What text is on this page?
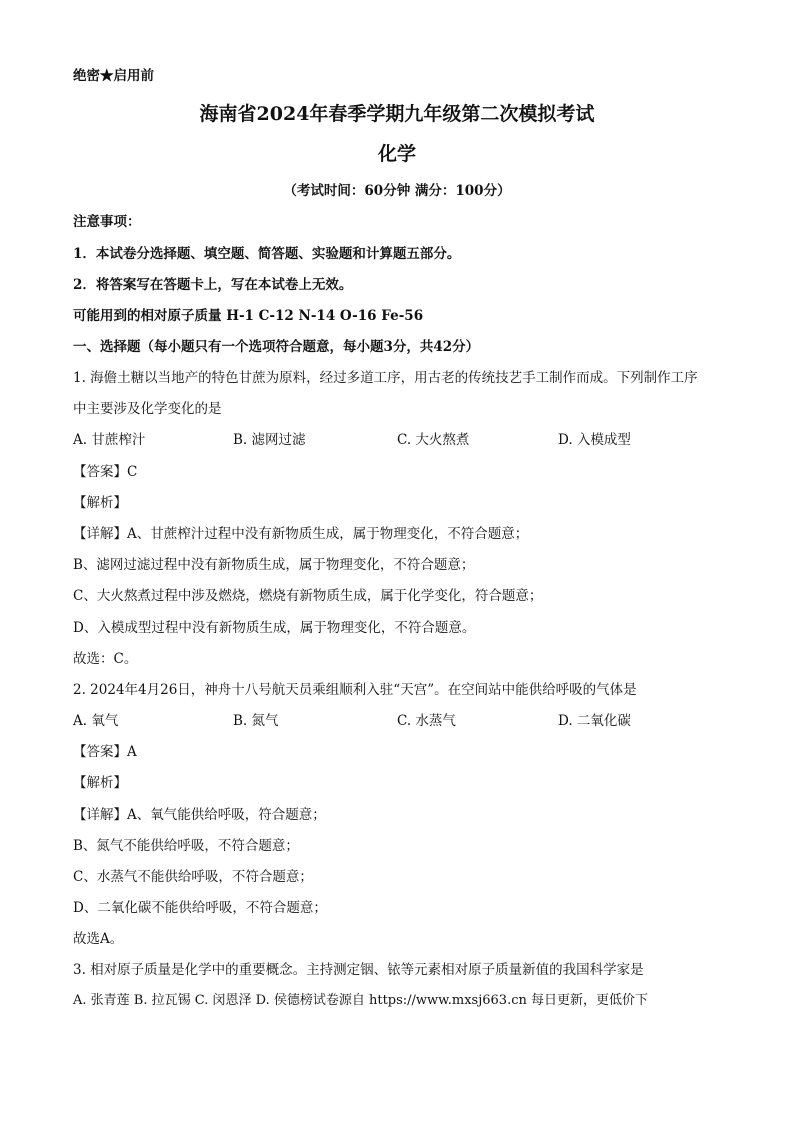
绝密★启用前
海南省2024年春季学期九年级第二次模拟考试
化学
（考试时间：60分钟 满分：100分）
注意事项：
1．本试卷分选择题、填空题、简答题、实验题和计算题五部分。
2．将答案写在答题卡上，写在本试卷上无效。
可能用到的相对原子质量 H-1 C-12 N-14 O-16 Fe-56
一、选择题（每小题只有一个选项符合题意，每小题3分，共42分）
1. 海儋土糖以当地产的特色甘蔗为原料，经过多道工序，用古老的传统技艺手工制作而成。下列制作工序
中主要涉及化学变化的是
A. 甘蔗榨汁	B. 滤网过滤	C. 大火熬煮	D. 入模成型
【答案】C
【解析】
【详解】A、甘蔗榨汁过程中没有新物质生成，属于物理变化，不符合题意；
B、滤网过滤过程中没有新物质生成，属于物理变化，不符合题意；
C、大火熬煮过程中涉及燃烧，燃烧有新物质生成，属于化学变化，符合题意；
D、入模成型过程中没有新物质生成，属于物理变化，不符合题意。
故选：C。
2. 2024年4月26日，神舟十八号航天员乘组顺利入驻“天宫”。在空间站中能供给呼吸的气体是
A. 氧气	B. 氮气	C. 水蒸气	D. 二氧化碳
【答案】A
【解析】
【详解】A、氧气能供给呼吸，符合题意；
B、氮气不能供给呼吸，不符合题意；
C、水蒸气不能供给呼吸，不符合题意；
D、二氧化碳不能供给呼吸，不符合题意；
故选A。
3. 相对原子质量是化学中的重要概念。主持测定铟、铱等元素相对原子质量新值的我国科学家是
A. 张青莲 B. 拉瓦锡 C. 闵恩泽 D. 侯德榜试卷源自 https://www.mxsj663.cn 每日更新，更低价下
